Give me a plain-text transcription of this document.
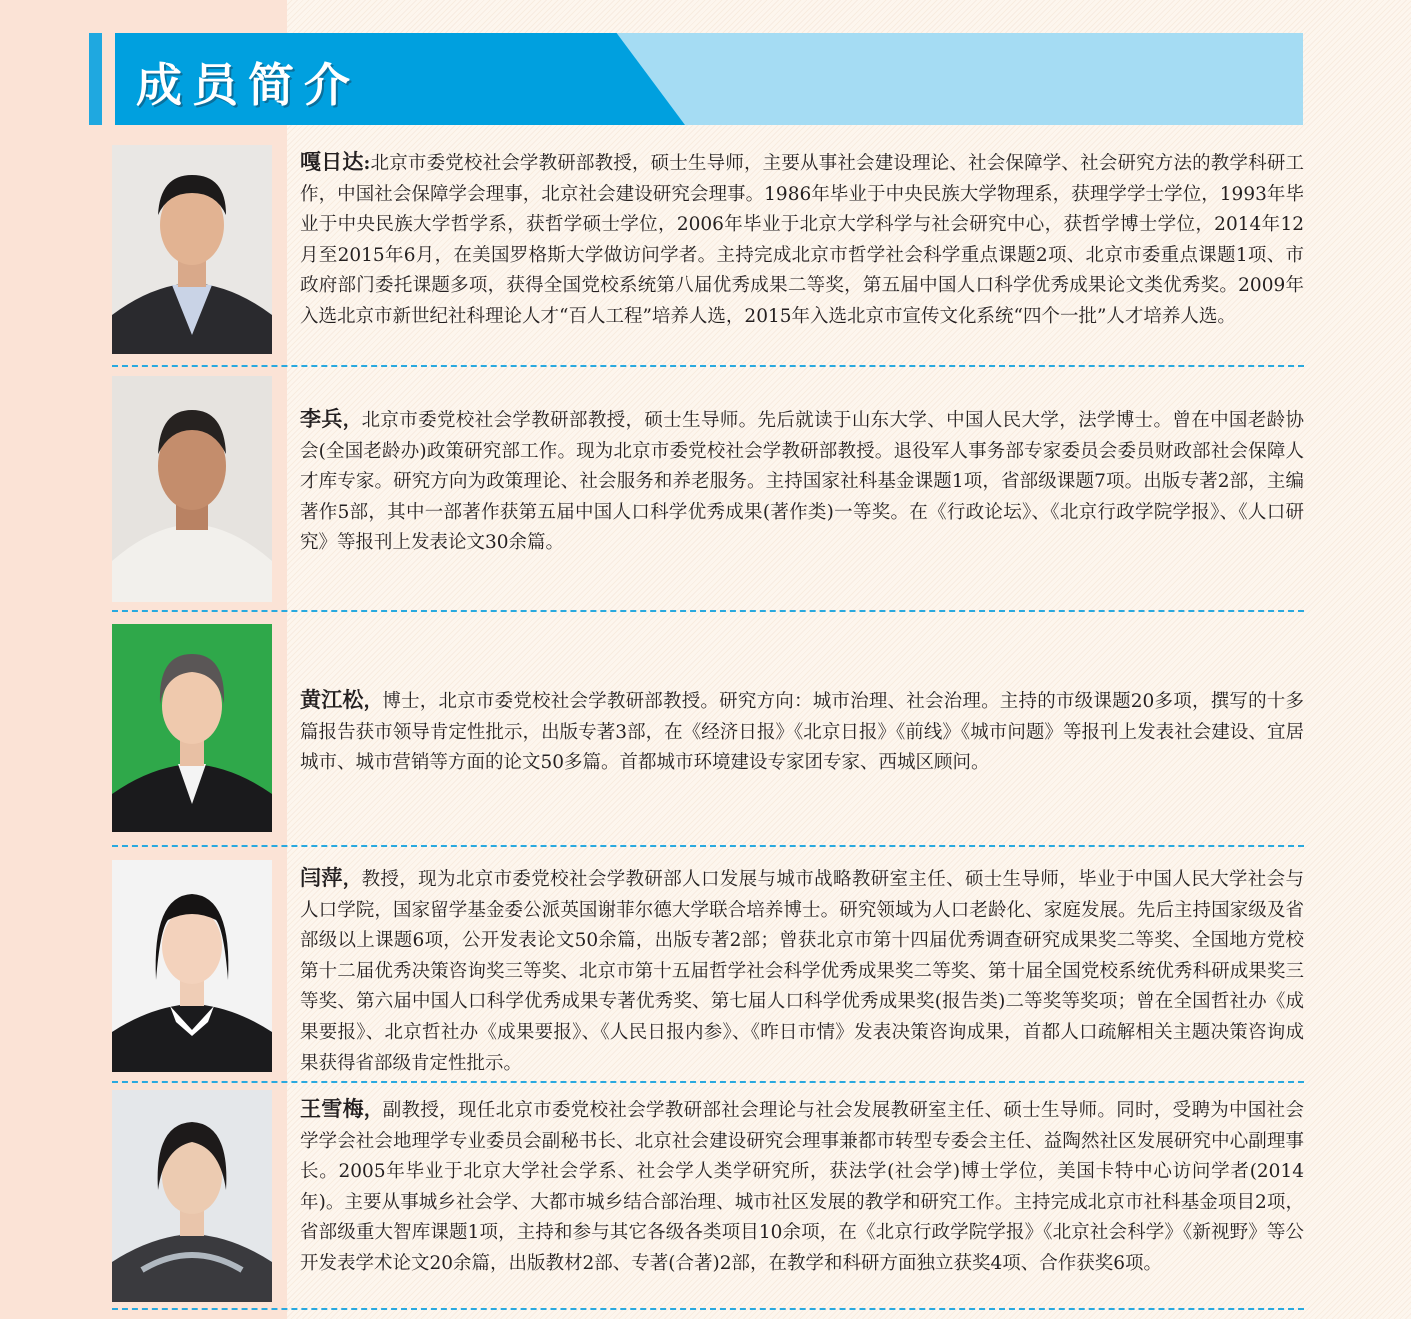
成员简介

嘎日达:北京市委党校社会学教研部教授，硕士生导师，主要从事社会建设理论、社会保障学、社会研究方法的教学科研工作，中国社会保障学会理事，北京社会建设研究会理事。1986年毕业于中央民族大学物理系，获理学学士学位，1993年毕业于中央民族大学哲学系，获哲学硕士学位，2006年毕业于北京大学科学与社会研究中心，获哲学博士学位，2014年12月至2015年6月，在美国罗格斯大学做访问学者。主持完成北京市哲学社会科学重点课题2项、北京市委重点课题1项、市政府部门委托课题多项，获得全国党校系统第八届优秀成果二等奖，第五届中国人口科学优秀成果论文类优秀奖。2009年入选北京市新世纪社科理论人才“百人工程”培养人选，2015年入选北京市宣传文化系统“四个一批”人才培养人选。

李兵，北京市委党校社会学教研部教授，硕士生导师。先后就读于山东大学、中国人民大学，法学博士。曾在中国老龄协会(全国老龄办)政策研究部工作。现为北京市委党校社会学教研部教授。退役军人事务部专家委员会委员财政部社会保障人才库专家。研究方向为政策理论、社会服务和养老服务。主持国家社科基金课题1项，省部级课题7项。出版专著2部，主编著作5部，其中一部著作获第五届中国人口科学优秀成果(著作类)一等奖。在《行政论坛》、《北京行政学院学报》、《人口研究》等报刊上发表论文30余篇。

黄江松，博士，北京市委党校社会学教研部教授。研究方向：城市治理、社会治理。主持的市级课题20多项，撰写的十多篇报告获市领导肯定性批示，出版专著3部，在《经济日报》《北京日报》《前线》《城市问题》等报刊上发表社会建设、宜居城市、城市营销等方面的论文50多篇。首都城市环境建设专家团专家、西城区顾问。

闫萍，教授，现为北京市委党校社会学教研部人口发展与城市战略教研室主任、硕士生导师，毕业于中国人民大学社会与人口学院，国家留学基金委公派英国谢菲尔德大学联合培养博士。研究领域为人口老龄化、家庭发展。先后主持国家级及省部级以上课题6项，公开发表论文50余篇，出版专著2部；曾获北京市第十四届优秀调查研究成果奖二等奖、全国地方党校第十二届优秀决策咨询奖三等奖、北京市第十五届哲学社会科学优秀成果奖二等奖、第十届全国党校系统优秀科研成果奖三等奖、第六届中国人口科学优秀成果专著优秀奖、第七届人口科学优秀成果奖(报告类)二等奖等奖项；曾在全国哲社办《成果要报》、北京哲社办《成果要报》、《人民日报内参》、《昨日市情》发表决策咨询成果，首都人口疏解相关主题决策咨询成果获得省部级肯定性批示。

王雪梅，副教授，现任北京市委党校社会学教研部社会理论与社会发展教研室主任、硕士生导师。同时，受聘为中国社会学学会社会地理学专业委员会副秘书长、北京社会建设研究会理事兼都市转型专委会主任、益陶然社区发展研究中心副理事长。2005年毕业于北京大学社会学系、社会学人类学研究所，获法学(社会学)博士学位，美国卡特中心访问学者(2014年)。主要从事城乡社会学、大都市城乡结合部治理、城市社区发展的教学和研究工作。主持完成北京市社科基金项目2项，省部级重大智库课题1项，主持和参与其它各级各类项目10余项，在《北京行政学院学报》《北京社会科学》《新视野》等公开发表学术论文20余篇，出版教材2部、专著(合著)2部，在教学和科研方面独立获奖4项、合作获奖6项。
